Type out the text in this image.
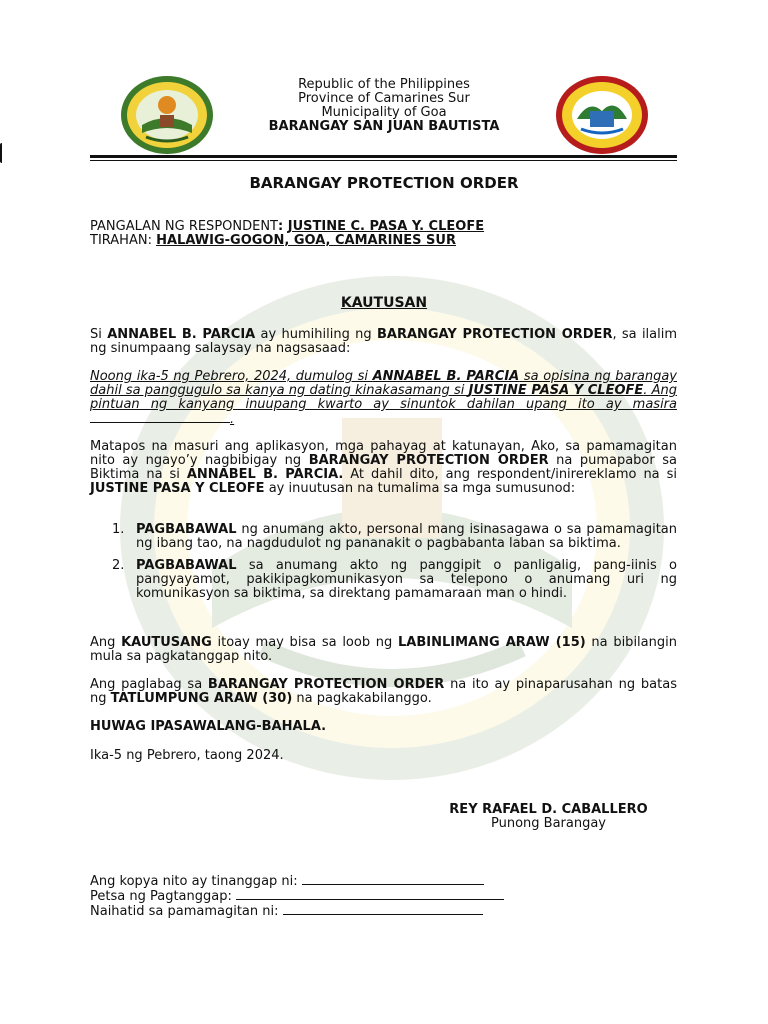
Republic of the Philippines
Province of Camarines Sur
Municipality of Goa
BARANGAY SAN JUAN BAUTISTA
BARANGAY PROTECTION ORDER
PANGALAN NG RESPONDENT: JUSTINE C. PASA Y. CLEOFE
TIRAHAN: HALAWIG-GOGON, GOA, CAMARINES SUR
KAUTUSAN
Si ANNABEL B. PARCIA ay humihiling ng BARANGAY PROTECTION ORDER, sa ilalim ng sinumpaang salaysay na nagsasaad:
Noong ika-5 ng Pebrero, 2024, dumulog si ANNABEL B. PARCIA sa opisina ng barangay dahil sa panggugulo sa kanya ng dating kinakasamang si JUSTINE PASA Y CLEOFE. Ang pintuan ng kanyang inuupang kwarto ay sinuntok dahilan upang ito ay masira.
Matapos na masuri ang aplikasyon, mga pahayag at katunayan, Ako, sa pamamagitan nito ay ngayo’y nagbibigay ng BARANGAY PROTECTION ORDER na pumapabor sa Biktima na si ANNABEL B. PARCIA. At dahil dito, ang respondent/inirereklamo na si JUSTINE PASA Y CLEOFE ay inuutusan na tumalima sa mga sumusunod:
1. PAGBABAWAL ng anumang akto, personal mang isinasagawa o sa pamamagitan ng ibang tao, na nagdudulot ng pananakit o pagbabanta laban sa biktima.
2. PAGBABAWAL sa anumang akto ng panggipit o panligalig, pang-iinis o pangyayamot, pakikipagkomunikasyon sa telepono o anumang uri ng komunikasyon sa biktima, sa direktang pamamaraan man o hindi.
Ang KAUTUSANG itoay may bisa sa loob ng LABINLIMANG ARAW (15) na bibilangin mula sa pagkatanggap nito.
Ang paglabag sa BARANGAY PROTECTION ORDER na ito ay pinaparusahan ng batas ng TATLUMPUNG ARAW (30) na pagkakabilanggo.
HUWAG IPASAWALANG-BAHALA.
Ika-5 ng Pebrero, taong 2024.
REY RAFAEL D. CABALLERO
Punong Barangay
Ang kopya nito ay tinanggap ni:
Petsa ng Pagtanggap:
Naihatid sa pamamagitan ni:
